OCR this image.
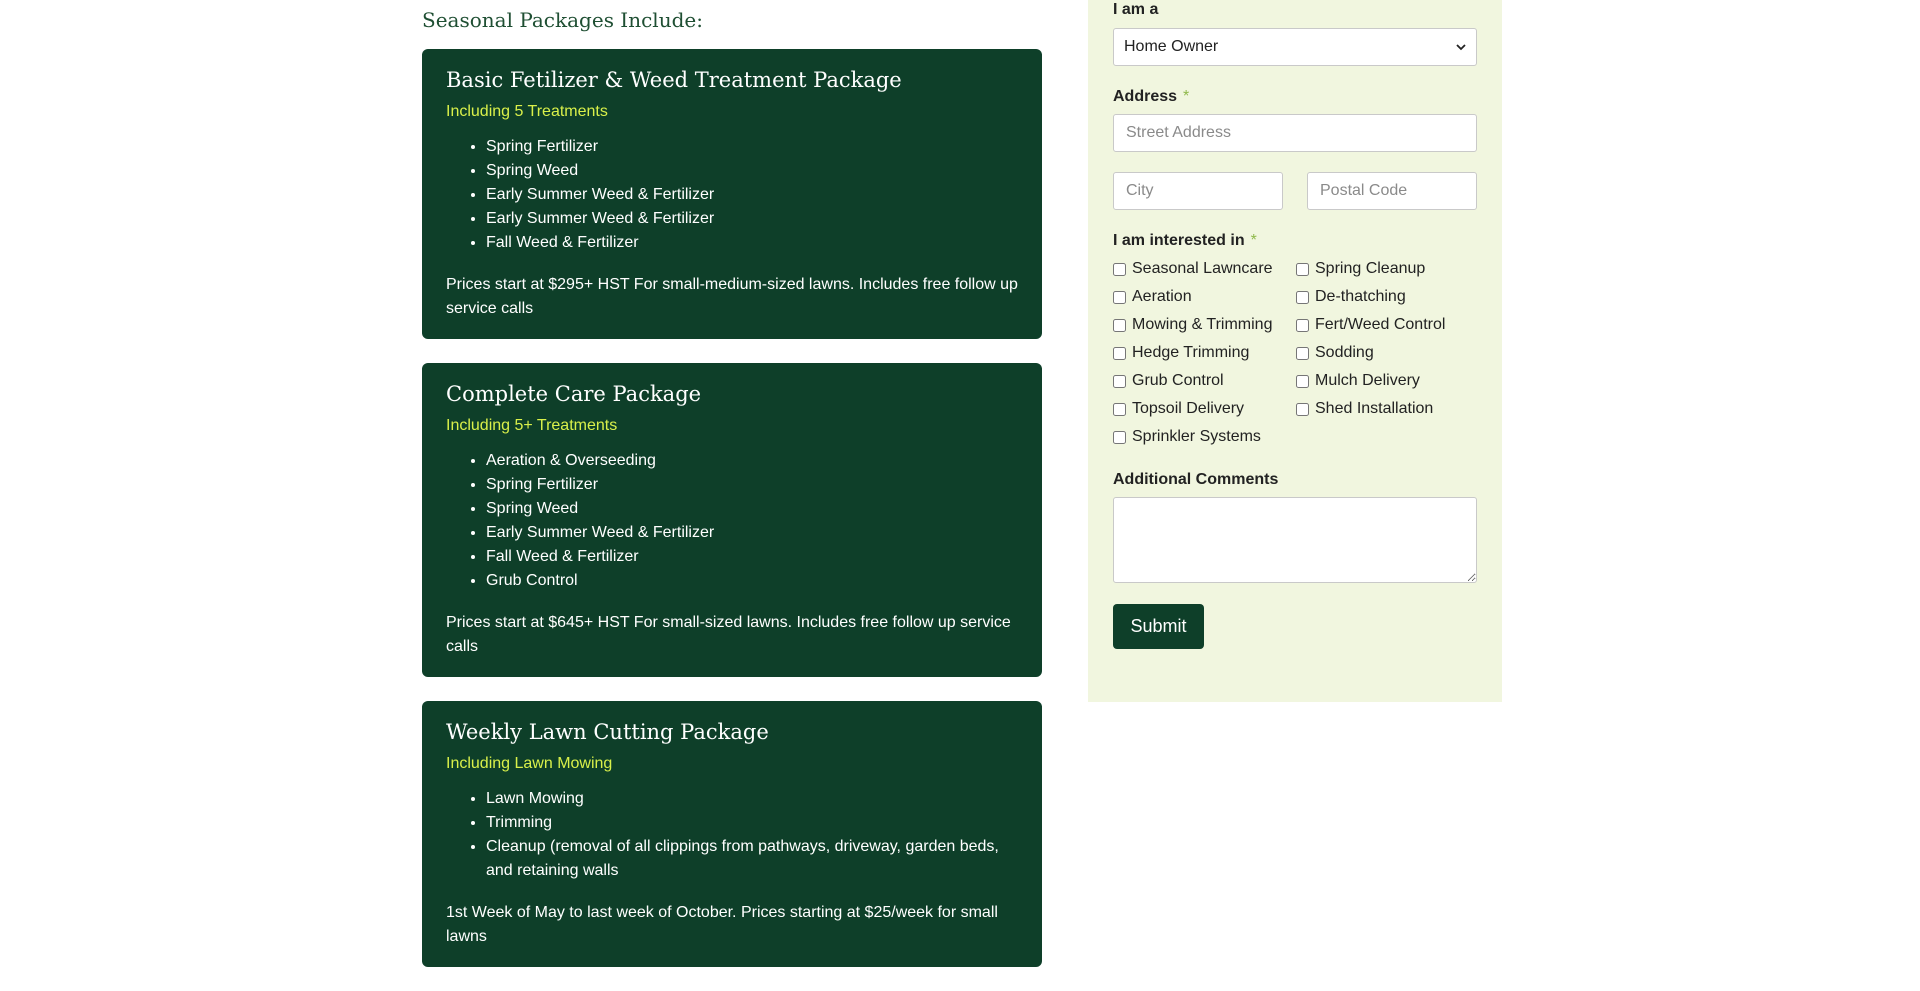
Seasonal Packages Include:
Basic Fetilizer & Weed Treatment Package
Including 5 Treatments
• Spring Fertilizer
• Spring Weed
• Early Summer Weed & Fertilizer
• Early Summer Weed & Fertilizer
• Fall Weed & Fertilizer

Prices start at $295+ HST For small-medium-sized lawns. Includes free follow up service calls

Complete Care Package
Including 5+ Treatments
• Aeration & Overseeding
• Spring Fertilizer
• Spring Weed
• Early Summer Weed & Fertilizer
• Fall Weed & Fertilizer
• Grub Control

Prices start at $645+ HST For small-sized lawns. Includes free follow up service calls

Weekly Lawn Cutting Package
Including Lawn Mowing
• Lawn Mowing
• Trimming
• Cleanup (removal of all clippings from pathways, driveway, garden beds, and retaining walls

1st Week of May to last week of October. Prices starting at $25/week for small lawns

I am a
Home Owner
Address *
Street Address
City
Postal Code
I am interested in *
Seasonal Lawncare	Spring Cleanup
Aeration	De-thatching
Mowing & Trimming	Fert/Weed Control
Hedge Trimming	Sodding
Grub Control	Mulch Delivery
Topsoil Delivery	Shed Installation
Sprinkler Systems
Additional Comments
Submit
